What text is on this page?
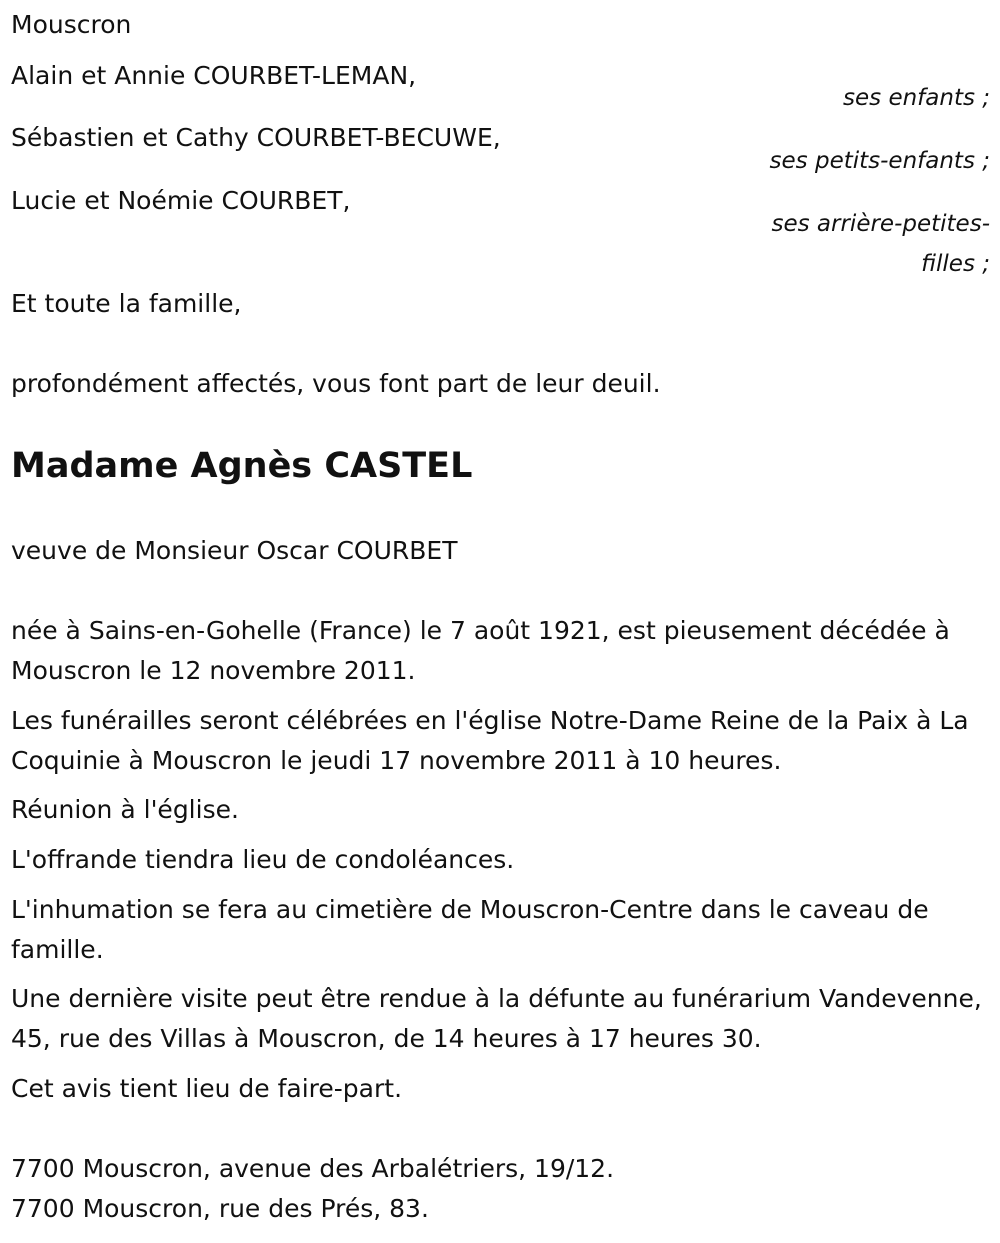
Mouscron
Alain et Annie COURBET-LEMAN,
ses enfants ;
Sébastien et Cathy COURBET-BECUWE,
ses petits-enfants ;
Lucie et Noémie COURBET,
ses arrière-petites-
filles ;
Et toute la famille,
profondément affectés, vous font part de leur deuil.
Madame Agnès CASTEL
veuve de Monsieur Oscar COURBET
née à Sains-en-Gohelle (France) le 7 août 1921, est pieusement décédée à Mouscron le 12 novembre 2011.
Les funérailles seront célébrées en l'église Notre-Dame Reine de la Paix à La Coquinie à Mouscron le jeudi 17 novembre 2011 à 10 heures.
Réunion à l'église.
L'offrande tiendra lieu de condoléances.
L'inhumation se fera au cimetière de Mouscron-Centre dans le caveau de famille.
Une dernière visite peut être rendue à la défunte au funérarium Vandevenne, 45, rue des Villas à Mouscron, de 14 heures à 17 heures 30.
Cet avis tient lieu de faire-part.
7700 Mouscron, avenue des Arbalétriers, 19/12.
7700 Mouscron, rue des Prés, 83.
